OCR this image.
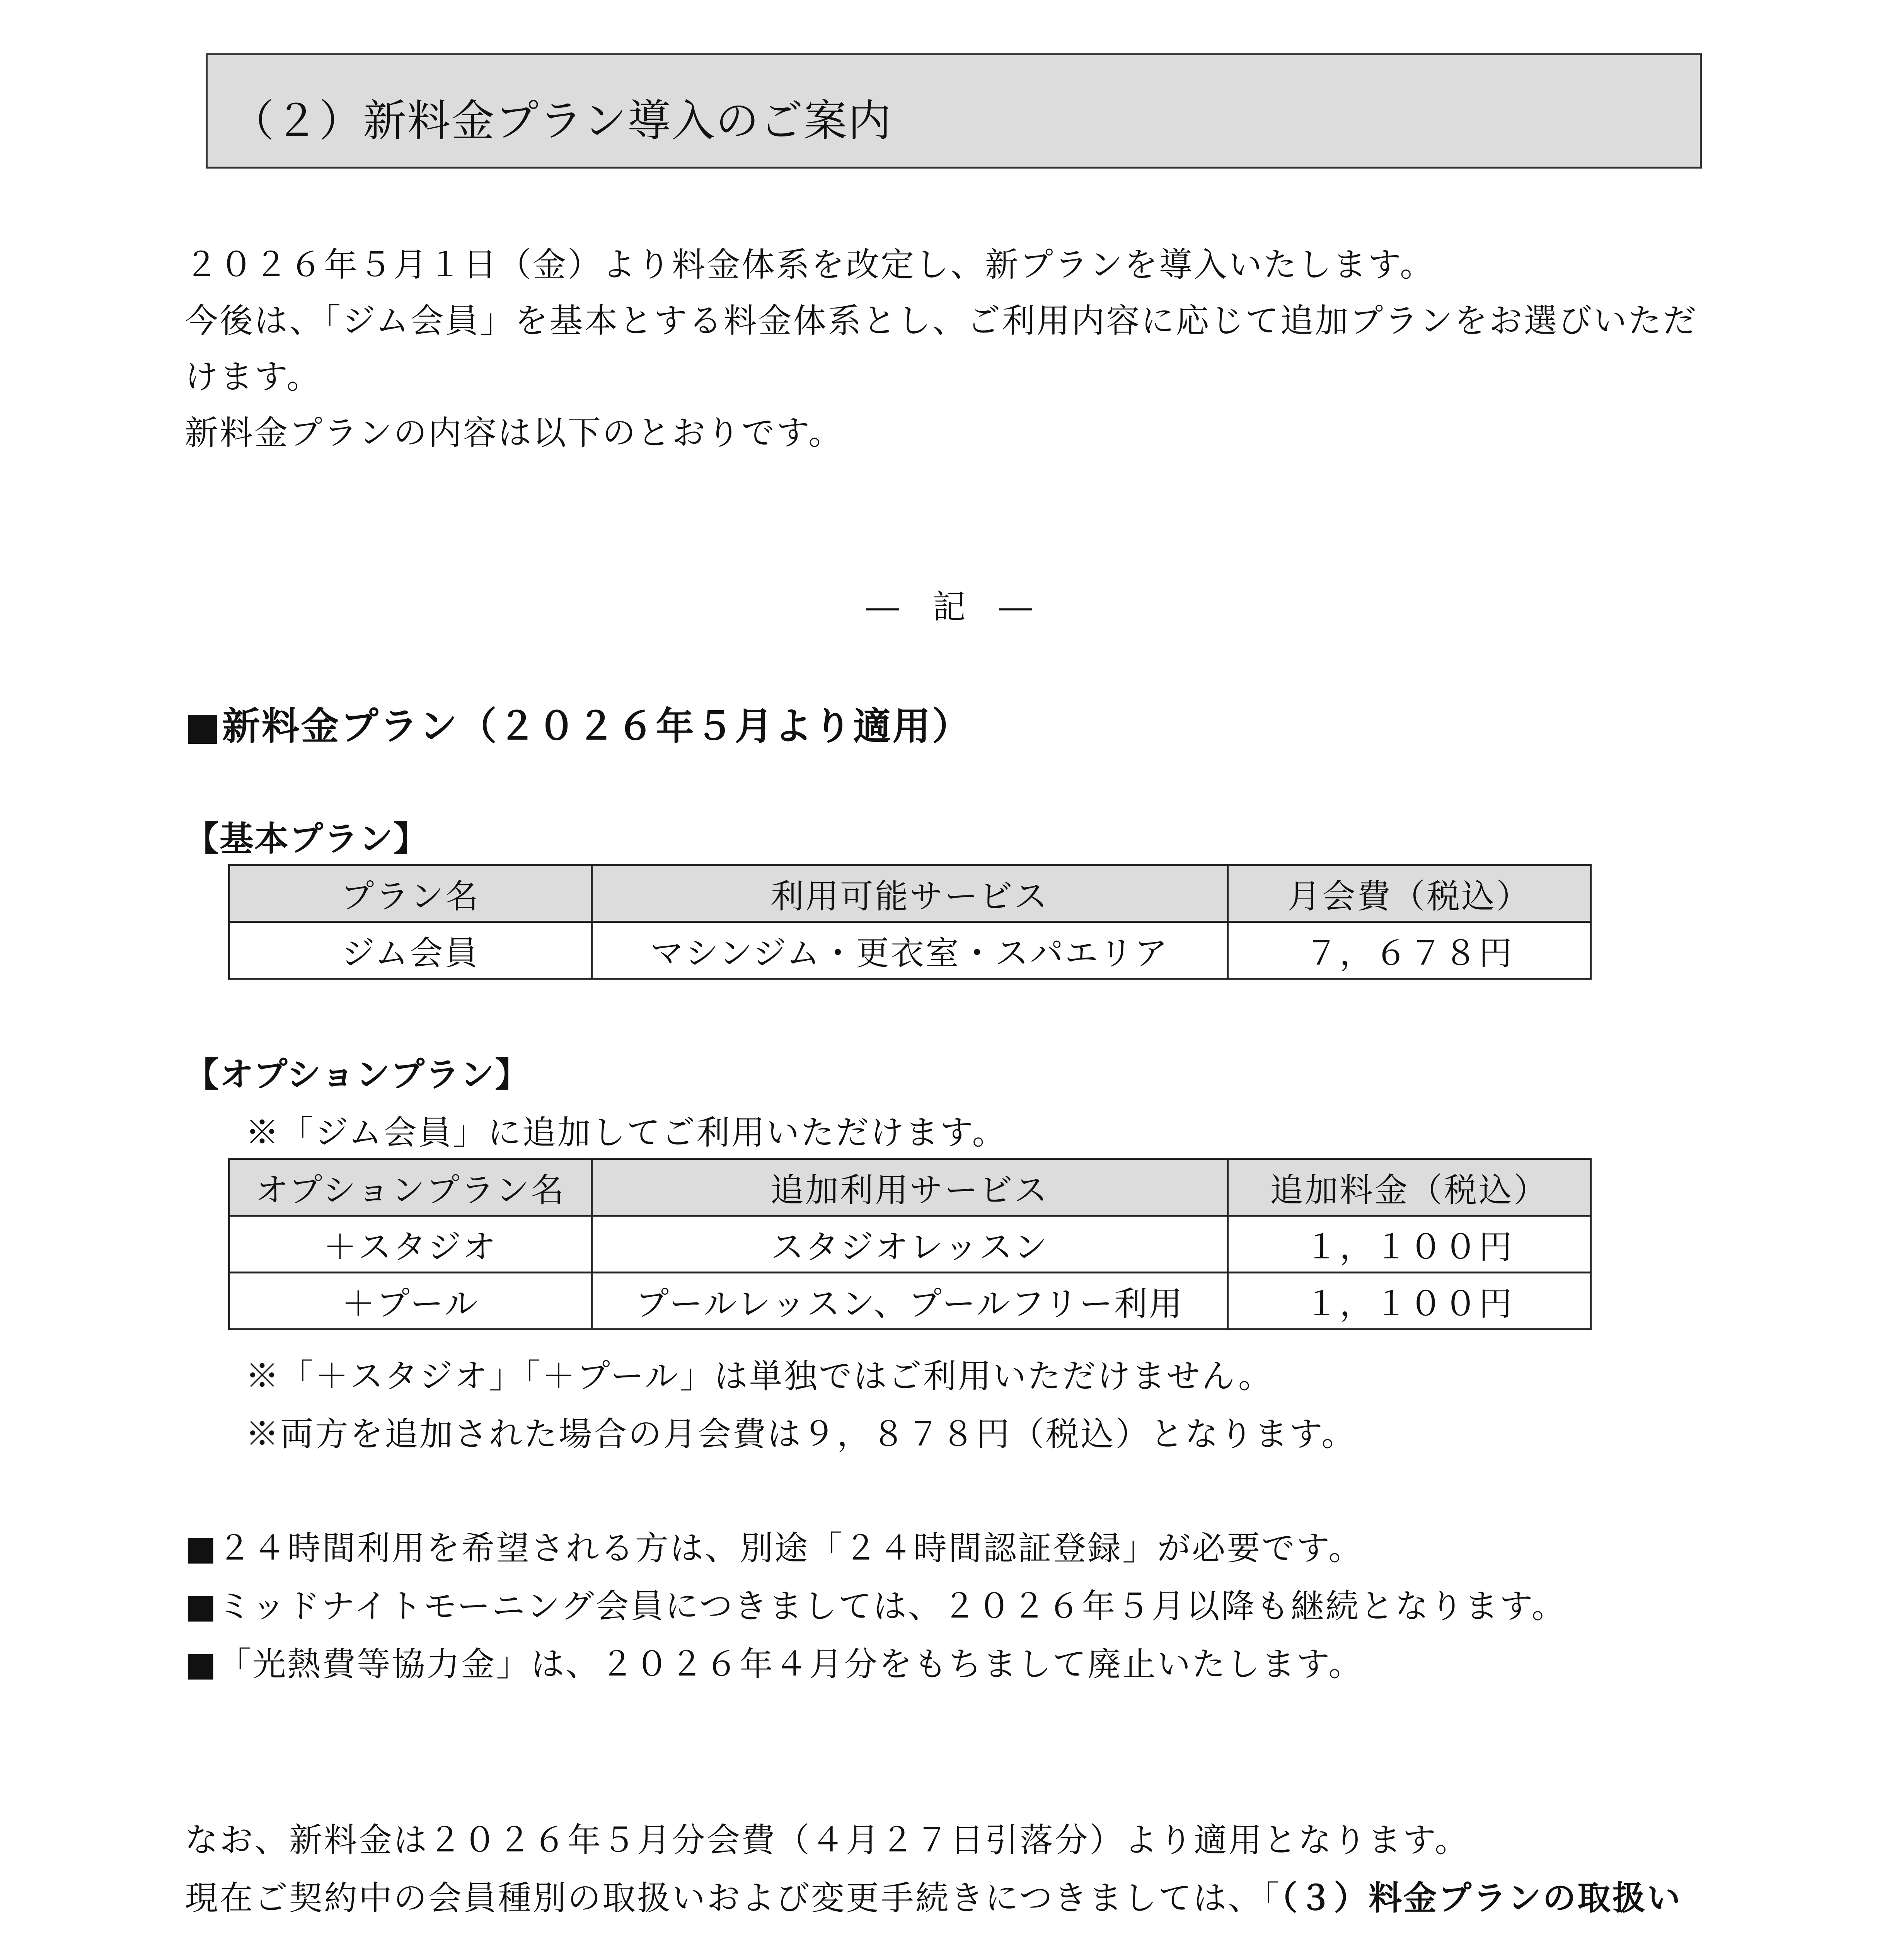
（２）新料金プラン導入のご案内
２０２６年５月１日（金）より料金体系を改定し、新プランを導入いたします。
今後は、「ジム会員」を基本とする料金体系とし、ご利用内容に応じて追加プランをお選びいただ
けます。
新料金プランの内容は以下のとおりです。
―　記　―
■新料金プラン（２０２６年５月より適用）
【基本プラン】
プラン名	利用可能サービス	月会費（税込）
ジム会員	マシンジム・更衣室・スパエリア	７，６７８円
【オプションプラン】
※「ジム会員」に追加してご利用いただけます。
オプションプラン名	追加利用サービス	追加料金（税込）
＋スタジオ	スタジオレッスン	１，１００円
＋プール	プールレッスン、プールフリー利用	１，１００円
※「＋スタジオ」「＋プール」は単独ではご利用いただけません。
※両方を追加された場合の月会費は９，８７８円（税込）となります。
■２４時間利用を希望される方は、別途「２４時間認証登録」が必要です。
■ミッドナイトモーニング会員につきましては、２０２６年５月以降も継続となります。
■「光熱費等協力金」は、２０２６年４月分をもちまして廃止いたします。
なお、新料金は２０２６年５月分会費（４月２７日引落分）より適用となります。
現在ご契約中の会員種別の取扱いおよび変更手続きにつきましては、「（３）料金プランの取扱い
